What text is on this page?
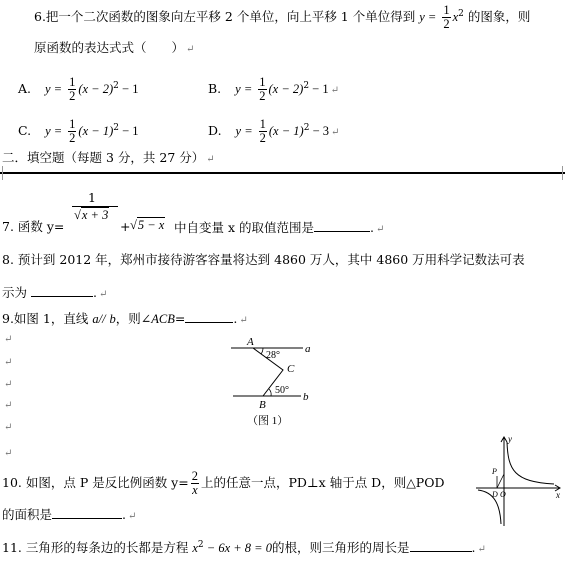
6.把一个二次函数的图象向左平移 2 个单位，向上平移 1 个单位得到 $y = \frac{1}{2} x^2$ 的图象，则
原函数的表达式式（　　） ↵
A. $y = \frac{1}{2} (x - 2)^2 - 1$	B. $y = \frac{1}{2} (x - 2)^2 - 1$ ↵
C. $y = \frac{1}{2} (x - 1)^2 - 1$	D. $y = \frac{1}{2} (x - 1)^2 - 3$ ↵
二．填空题（每题 3 分，共 27 分） ↵
7. 函数 y=
1
√x + 3
+ √5 − x 中自变量 x 的取值范围是	. ↵
8. 预计到 2012 年，郑州市接待游客容量将达到 4860 万人，其中 4860 万用科学记数法可表
示为	. ↵
9.如图 1，直线 a// b，则∠ACB=	. ↵
↵
↵
↵
↵
↵
↵
A
a
28°
C
50°
b
B
（图 1）
10. 如图，点 P 是反比例函数 $y= \frac{2}{x}$ 上的任意一点，PD⊥x 轴于点 D，则△POD
的面积是	. ↵
y
x
P
D O
11. 三角形的每条边的长都是方程 $x^2 - 6x + 8 = 0$的根，则三角形的周长是	. ↵
